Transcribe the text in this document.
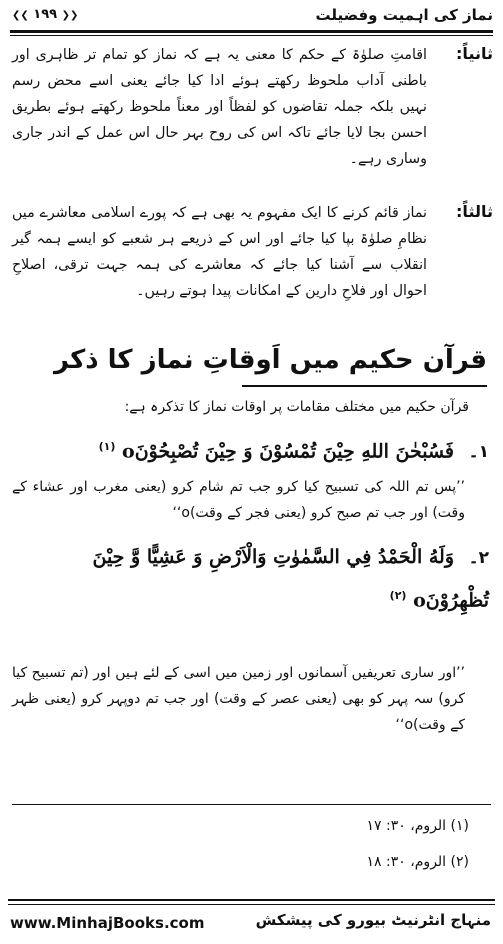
نماز کی اہمیت وفضیلت
❮❮ ١٩٩ ❯❯
ثانیاً:
اقامتِ صلوٰۃ کے حکم کا معنی یہ ہے کہ نماز کو تمام تر ظاہری اور باطنی آداب ملحوظ رکھتے ہوئے ادا کیا جائے یعنی اسے محض رسم نہیں بلکہ جملہ تقاضوں کو لفظاً اور معناً ملحوظ رکھتے ہوئے بطریق احسن بجا لایا جائے تاکہ اس کی روح بہر حال اس عمل کے اندر جاری وساری رہے۔
ثالثاً:
نماز قائم کرنے کا ایک مفہوم یہ بھی ہے کہ پورے اسلامی معاشرے میں نظامِ صلوٰۃ بپا کیا جائے اور اس کے ذریعے ہر شعبے کو ایسے ہمہ گیر انقلاب سے آشنا کیا جائے کہ معاشرے کی ہمہ جہت ترقی، اصلاحِ احوال اور فلاحِ دارین کے امکانات پیدا ہوتے رہیں۔
قرآن حکیم میں اَوقاتِ نماز کا ذکر
قرآن حکیم میں مختلف مقامات پر اوقات نماز کا تذکرہ ہے:
١۔ فَسُبْحٰنَ اللهِ حِيْنَ تُمْسُوْنَ وَ حِيْنَ تُصْبِحُوْنَo $^{(١)}$
’’پس تم اللہ کی تسبیح کیا کرو جب تم شام کرو (یعنی مغرب اور عشاء کے وقت) اور جب تم صبح کرو (یعنی فجر کے وقت)o‘‘
٢۔ وَلَهُ الْحَمْدُ فِي السَّمٰوٰتِ وَالْاَرْضِ وَ عَشِيًّا وَّ حِيْنَ تُظْهِرُوْنَo $^{(٢)}$
’’اور ساری تعریفیں آسمانوں اور زمین میں اسی کے لئے ہیں اور (تم تسبیح کیا کرو) سہ پہر کو بھی (یعنی عصر کے وقت) اور جب تم دوپہر کرو (یعنی ظہر کے وقت)o‘‘
(١) الروم، ٣٠: ١٧
(٢) الروم، ٣٠: ١٨
www.MinhajBooks.com	منہاج انٹرنیٹ بیورو کی پیشکش
